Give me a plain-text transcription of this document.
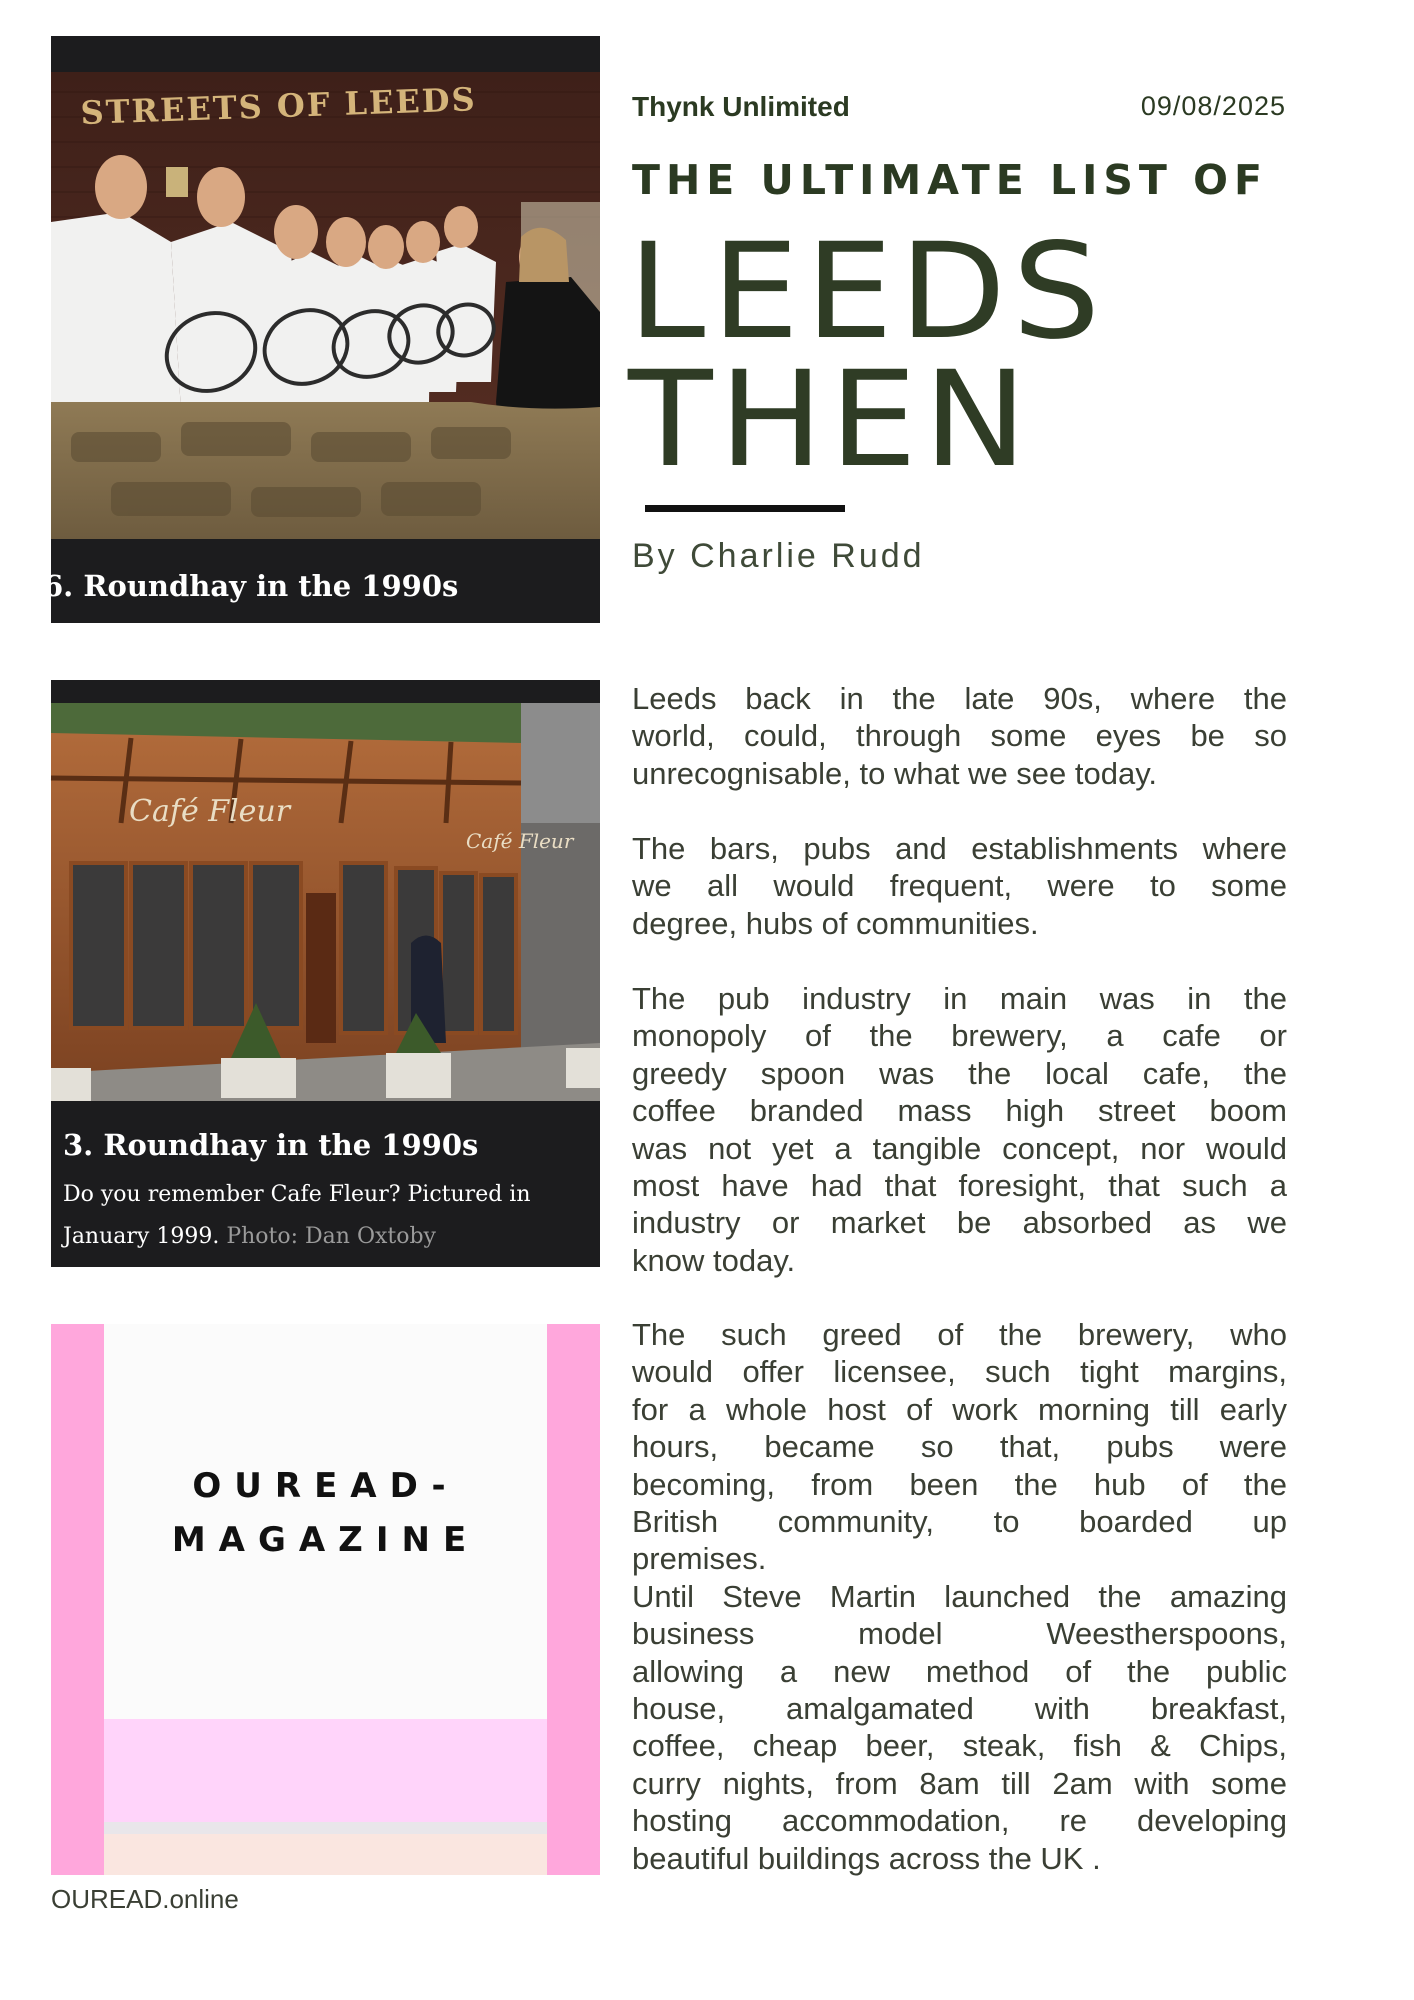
STREETS OF LEEDS
6. Roundhay in the 1990s
Streets of Leeds pub sponsored Roundhay
Café Fleur
Café Fleur
3. Roundhay in the 1990s
Do you remember Cafe Fleur? Pictured in
January 1999. Photo: Dan Oxtoby
OUREAD-
MAGAZINE
OUREAD.online
Thynk Unlimited	09/08/2025
THE ULTIMATE LIST OF
LEEDS
THEN
By Charlie Rudd
Leeds back in the late 90s, where the
world, could, through some eyes be so
unrecognisable, to what we see today.
The bars, pubs and establishments where
we all would frequent, were to some
degree, hubs of communities.
The pub industry in main was in the
monopoly of the brewery, a cafe or
greedy spoon was the local cafe, the
coffee branded mass high street boom
was not yet a tangible concept, nor would
most have had that foresight, that such a
industry or market be absorbed as we
know today.
The such greed of the brewery, who
would offer licensee, such tight margins,
for a whole host of work morning till early
hours, became so that, pubs were
becoming, from been the hub of the
British community, to boarded up
premises.
Until Steve Martin launched the amazing
business model Weestherspoons,
allowing a new method of the public
house, amalgamated with breakfast,
coffee, cheap beer, steak, fish & Chips,
curry nights, from 8am till 2am with some
hosting accommodation, re developing
beautiful buildings across the UK .
